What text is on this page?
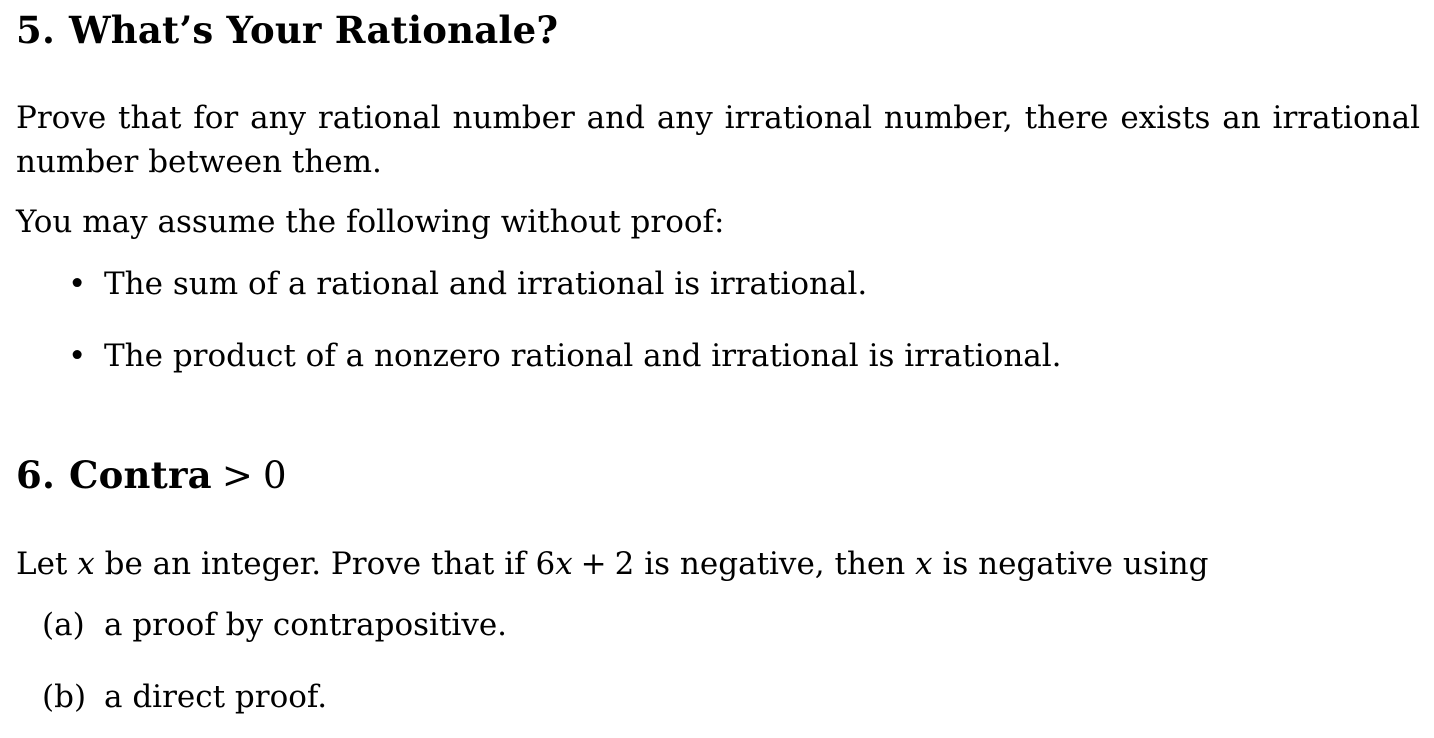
5. What’s Your Rationale?
Prove that for any rational number and any irrational number, there exists an irrational number between them.
You may assume the following without proof:
• The sum of a rational and irrational is irrational.
• The product of a nonzero rational and irrational is irrational.
6. Contra > 0
Let x be an integer. Prove that if 6x + 2 is negative, then x is negative using
(a) a proof by contrapositive.
(b) a direct proof.
